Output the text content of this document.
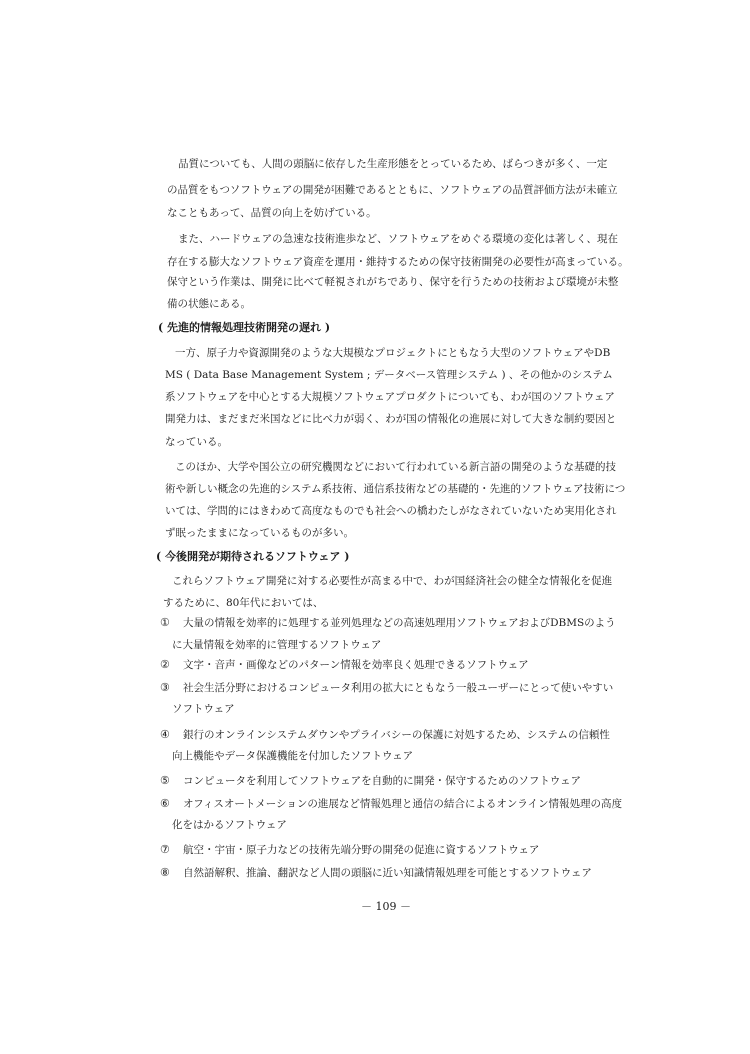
品質についても、人間の頭脳に依存した生産形態をとっているため、ばらつきが多く、一定
の品質をもつソフトウェアの開発が困難であるとともに、ソフトウェアの品質評価方法が未確立
なこともあって、品質の向上を妨げている。
また、ハードウェアの急速な技術進歩など、ソフトウェアをめぐる環境の変化は著しく、現在
存在する膨大なソフトウェア資産を運用・維持するための保守技術開発の必要性が高まっている。
保守という作業は、開発に比べて軽視されがちであり、保守を行うための技術および環境が未整
備の状態にある。
( 先進的情報処理技術開発の遅れ )
一方、原子力や資源開発のような大規模なプロジェクトにともなう大型のソフトウェアやDB
MS ( Data Base Management System ; データベース管理システム ) 、その他かのシステム
系ソフトウェアを中心とする大規模ソフトウェアプロダクトについても、わが国のソフトウェア
開発力は、まだまだ米国などに比べ力が弱く、わが国の情報化の進展に対して大きな制約要因と
なっている。
このほか、大学や国公立の研究機関などにおいて行われている新言語の開発のような基礎的技
術や新しい概念の先進的システム系技術、通信系技術などの基礎的・先進的ソフトウェア技術につ
いては、学問的にはきわめて高度なものでも社会への橋わたしがなされていないため実用化され
ず眠ったままになっているものが多い。
( 今後開発が期待されるソフトウェア )
これらソフトウェア開発に対する必要性が高まる中で、わが国経済社会の健全な情報化を促進
するために、80年代においては、
① 大量の情報を効率的に処理する並列処理などの高速処理用ソフトウェアおよびDBMSのよう
に大量情報を効率的に管理するソフトウェア
② 文字・音声・画像などのパターン情報を効率良く処理できるソフトウェア
③ 社会生活分野におけるコンピュータ利用の拡大にともなう一般ユーザーにとって使いやすい
ソフトウェア
④ 銀行のオンラインシステムダウンやプライバシーの保護に対処するため、システムの信頼性
向上機能やデータ保護機能を付加したソフトウェア
⑤ コンピュータを利用してソフトウェアを自動的に開発・保守するためのソフトウェア
⑥ オフィスオートメーションの進展など情報処理と通信の結合によるオンライン情報処理の高度
化をはかるソフトウェア
⑦ 航空・宇宙・原子力などの技術先端分野の開発の促進に資するソフトウェア
⑧ 自然語解釈、推論、翻訳など人間の頭脳に近い知識情報処理を可能とするソフトウェア
－ 109 －
